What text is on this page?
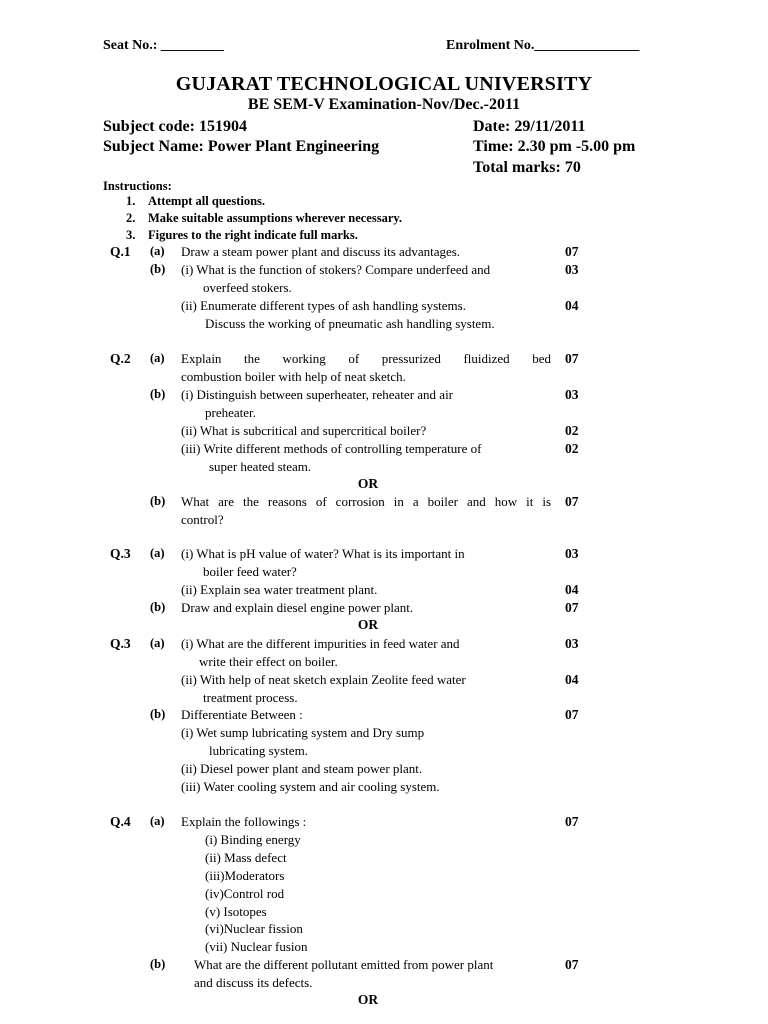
Seat No.: _________	Enrolment No._______________
GUJARAT TECHNOLOGICAL UNIVERSITY
BE SEM-V Examination-Nov/Dec.-2011
Subject code: 151904	Date: 29/11/2011
Subject Name: Power Plant Engineering	Time: 2.30 pm -5.00 pm
Total marks: 70
Instructions:
1. Attempt all questions.
2. Make suitable assumptions wherever necessary.
3. Figures to the right indicate full marks.
Q.1 (a) Draw a steam power plant and discuss its advantages.	07
(b) (i) What is the function of stokers? Compare underfeed and	03
overfeed stokers.
(ii) Enumerate different types of ash handling systems.	04
Discuss the working of pneumatic ash handling system.
Q.2 (a) Explain the working of pressurized fluidized bed 07
combustion boiler with help of neat sketch.
(b) (i) Distinguish between superheater, reheater and air	03
preheater.
(ii) What is subcritical and supercritical boiler?	02
(iii) Write different methods of controlling temperature of	02
super heated steam.
OR
(b) What are the reasons of corrosion in a boiler and how it is 07
control?
Q.3 (a) (i) What is pH value of water? What is its important in	03
boiler feed water?
(ii) Explain sea water treatment plant.	04
(b) Draw and explain diesel engine power plant.	07
OR
Q.3 (a) (i) What are the different impurities in feed water and	03
write their effect on boiler.
(ii) With help of neat sketch explain Zeolite feed water	04
treatment process.
(b) Differentiate Between :	07
(i) Wet sump lubricating system and Dry sump
lubricating system.
(ii) Diesel power plant and steam power plant.
(iii) Water cooling system and air cooling system.
Q.4 (a) Explain the followings :	07
(i) Binding energy
(ii) Mass defect
(iii)Moderators
(iv)Control rod
(v) Isotopes
(vi)Nuclear fission
(vii) Nuclear fusion
(b) What are the different pollutant emitted from power plant	07
and discuss its defects.
OR
